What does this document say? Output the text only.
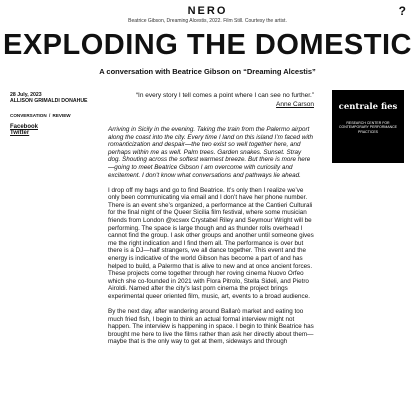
NERO	?
Beatrice Gibson, Dreaming Alcestis, 2022. Film Still. Courtesy the artist.
EXPLODING THE DOMESTIC
A conversation with Beatrice Gibson on “Dreaming Alcestis”
28 July, 2023
ALLISON GRIMALDI DONAHUE
CONVERSATION / REVIEW
Facebook
Twitter
“In every story I tell comes a point where I can see no further.”
Anne Carson	centrale fies
RESEARCH CENTER FOR CONTEMPORARY PERFORMANCE PRACTICES

Arriving in Sicily in the evening. Taking the train from the Palermo airport along the coast into the city. Every time I land on this island I’m faced with romanticization and despair—the two exist so well together here, and perhaps within me as well. Palm trees. Garden snakes. Sunset. Stray dog. Shouting across the softest warmest breeze. But there is more here—going to meet Beatrice Gibson I am overcome with curiosity and excitement. I don’t know what conversations and pathways lie ahead.

I drop off my bags and go to find Beatrice. It’s only then I realize we’ve only been communicating via email and I don’t have her phone number. There is an event she’s organized, a performance at the Cantieri Culturali for the final night of the Queer Sicilia film festival, where some musician friends from London @xcswx Crystabel Riley and Seymour Wright will be performing. The space is large though and as thunder rolls overhead I cannot find the group. I ask other groups and another until someone gives me the right indication and I find them all. The performance is over but there is a DJ—half strangers, we all dance together. This event and the energy is indicative of the world Gibson has become a part of and has helped to build, a Palermo that is alive to new and at once ancient forces. These projects come together through her roving cinema Nuovo Orfeo which she co-founded in 2021 with Flora Pitrolo, Stella Sideli, and Pietro Airoldi. Named after the city’s last porn cinema the project brings experimental queer oriented film, music, art, events to a broad audience.

By the next day, after wandering around Ballarò market and eating too much fried fish, I begin to think an actual formal interview might not happen. The interview is happening in space. I begin to think Beatrice has brought me here to live the films rather than ask her directly about them—maybe that is the only way to get at them, sideways and through
